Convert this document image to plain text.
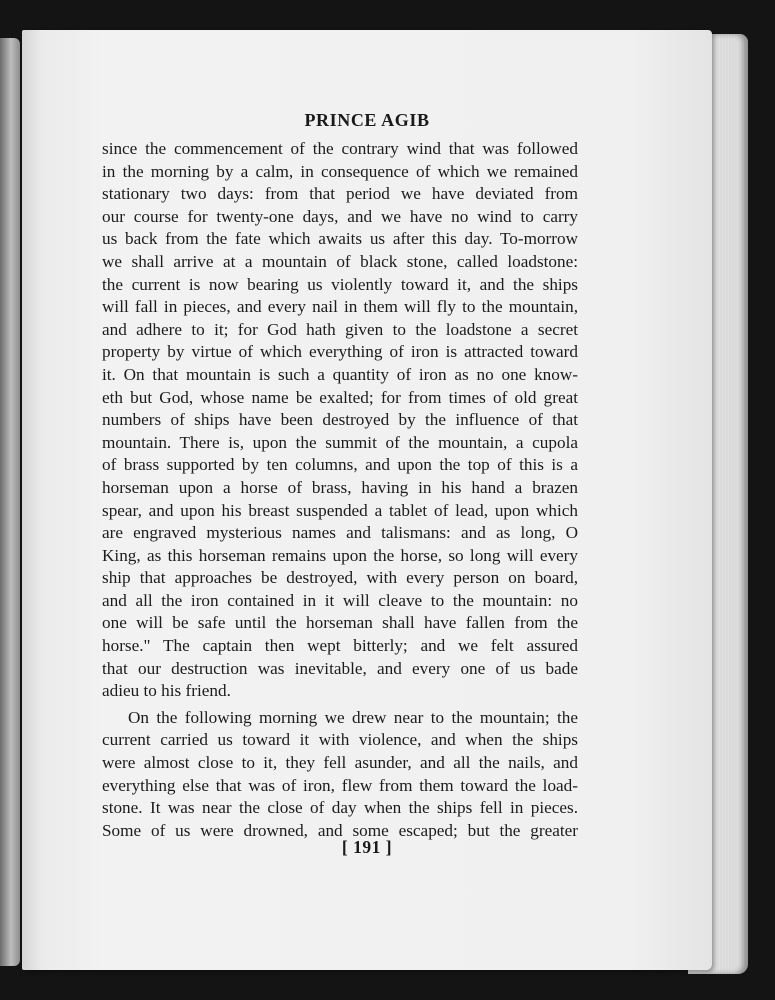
PRINCE AGIB
since the commencement of the contrary wind that was followed
in the morning by a calm, in consequence of which we remained
stationary two days: from that period we have deviated from
our course for twenty-one days, and we have no wind to carry
us back from the fate which awaits us after this day. To-morrow
we shall arrive at a mountain of black stone, called loadstone:
the current is now bearing us violently toward it, and the ships
will fall in pieces, and every nail in them will fly to the mountain,
and adhere to it; for God hath given to the loadstone a secret
property by virtue of which everything of iron is attracted toward
it. On that mountain is such a quantity of iron as no one know-
eth but God, whose name be exalted; for from times of old great
numbers of ships have been destroyed by the influence of that
mountain. There is, upon the summit of the mountain, a cupola
of brass supported by ten columns, and upon the top of this is a
horseman upon a horse of brass, having in his hand a brazen
spear, and upon his breast suspended a tablet of lead, upon which
are engraved mysterious names and talismans: and as long, O
King, as this horseman remains upon the horse, so long will every
ship that approaches be destroyed, with every person on board,
and all the iron contained in it will cleave to the mountain: no
one will be safe until the horseman shall have fallen from the
horse." The captain then wept bitterly; and we felt assured
that our destruction was inevitable, and every one of us bade
adieu to his friend.
On the following morning we drew near to the mountain; the
current carried us toward it with violence, and when the ships
were almost close to it, they fell asunder, and all the nails, and
everything else that was of iron, flew from them toward the load-
stone. It was near the close of day when the ships fell in pieces.
Some of us were drowned, and some escaped; but the greater
[ 191 ]
